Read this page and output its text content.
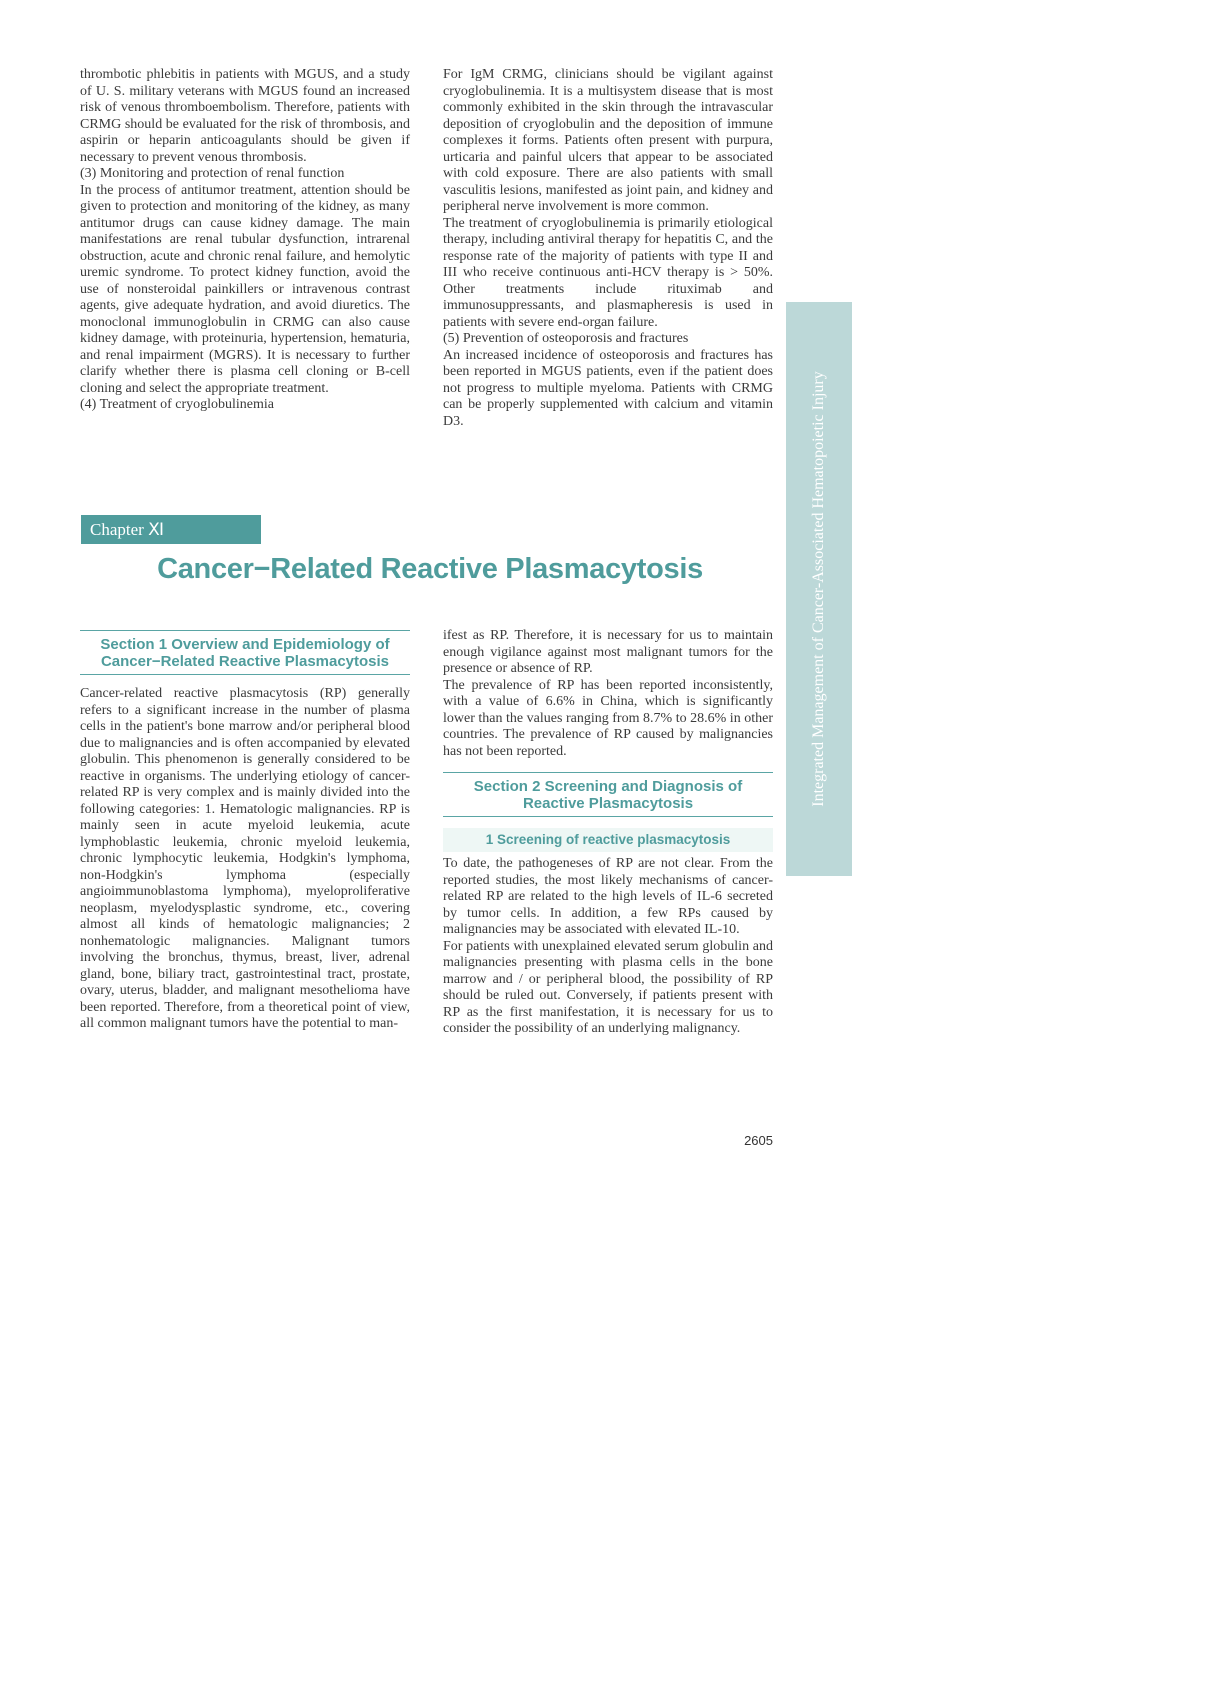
thrombotic phlebitis in patients with MGUS, and a study of U. S. military veterans with MGUS found an increased risk of venous thromboembolism. Therefore, patients with CRMG should be evaluated for the risk of thrombosis, and aspirin or heparin anticoagulants should be given if necessary to prevent venous thrombosis.

(3) Monitoring and protection of renal function

In the process of antitumor treatment, attention should be given to protection and monitoring of the kidney, as many antitumor drugs can cause kidney damage. The main manifestations are renal tubular dysfunction, intrarenal obstruction, acute and chronic renal failure, and hemolytic uremic syndrome. To protect kidney function, avoid the use of nonsteroidal painkillers or intravenous contrast agents, give adequate hydration, and avoid diuretics. The monoclonal immunoglobulin in CRMG can also cause kidney damage, with proteinuria, hypertension, hematuria, and renal impairment (MGRS). It is necessary to further clarify whether there is plasma cell cloning or B-cell cloning and select the appropriate treatment.

(4) Treatment of cryoglobulinemia

For IgM CRMG, clinicians should be vigilant against cryoglobulinemia. It is a multisystem disease that is most commonly exhibited in the skin through the intravascular deposition of cryoglobulin and the deposition of immune complexes it forms. Patients often present with purpura, urticaria and painful ulcers that appear to be associated with cold exposure. There are also patients with small vasculitis lesions, manifested as joint pain, and kidney and peripheral nerve involvement is more common.

The treatment of cryoglobulinemia is primarily etiological therapy, including antiviral therapy for hepatitis C, and the response rate of the majority of patients with type II and III who receive continuous anti-HCV therapy is > 50%. Other treatments include rituximab and immunosuppressants, and plasmapheresis is used in patients with severe end-organ failure.

(5) Prevention of osteoporosis and fractures

An increased incidence of osteoporosis and fractures has been reported in MGUS patients, even if the patient does not progress to multiple myeloma. Patients with CRMG can be properly supplemented with calcium and vitamin D3.

Chapter Ⅺ
Cancer−Related Reactive Plasmacytosis
Section 1 Overview and Epidemiology of
Cancer−Related Reactive Plasmacytosis

Cancer-related reactive plasmacytosis (RP) generally refers to a significant increase in the number of plasma cells in the patient's bone marrow and/or peripheral blood due to malignancies and is often accompanied by elevated globulin. This phenomenon is generally considered to be reactive in organisms. The underlying etiology of cancer-related RP is very complex and is mainly divided into the following categories: 1. Hematologic malignancies. RP is mainly seen in acute myeloid leukemia, acute lymphoblastic leukemia, chronic myeloid leukemia, chronic lymphocytic leukemia, Hodgkin's lymphoma, non-Hodgkin's lymphoma (especially angioimmunoblastoma lymphoma), myeloproliferative neoplasm, myelodysplastic syndrome, etc., covering almost all kinds of hematologic malignancies; 2 nonhematologic malignancies. Malignant tumors involving the bronchus, thymus, breast, liver, adrenal gland, bone, biliary tract, gastrointestinal tract, prostate, ovary, uterus, bladder, and malignant mesothelioma have been reported. Therefore, from a theoretical point of view, all common malignant tumors have the potential to man-

ifest as RP. Therefore, it is necessary for us to maintain enough vigilance against most malignant tumors for the presence or absence of RP.

The prevalence of RP has been reported inconsistently, with a value of 6.6% in China, which is significantly lower than the values ranging from 8.7% to 28.6% in other countries. The prevalence of RP caused by malignancies has not been reported.

Section 2 Screening and Diagnosis of
Reactive Plasmacytosis
1 Screening of reactive plasmacytosis

To date, the pathogeneses of RP are not clear. From the reported studies, the most likely mechanisms of cancer-related RP are related to the high levels of IL-6 secreted by tumor cells. In addition, a few RPs caused by malignancies may be associated with elevated IL-10.

For patients with unexplained elevated serum globulin and malignancies presenting with plasma cells in the bone marrow and / or peripheral blood, the possibility of RP should be ruled out. Conversely, if patients present with RP as the first manifestation, it is necessary for us to consider the possibility of an underlying malignancy.

Integrated Management of Cancer-Associated Hematopoietic Injury
2605
